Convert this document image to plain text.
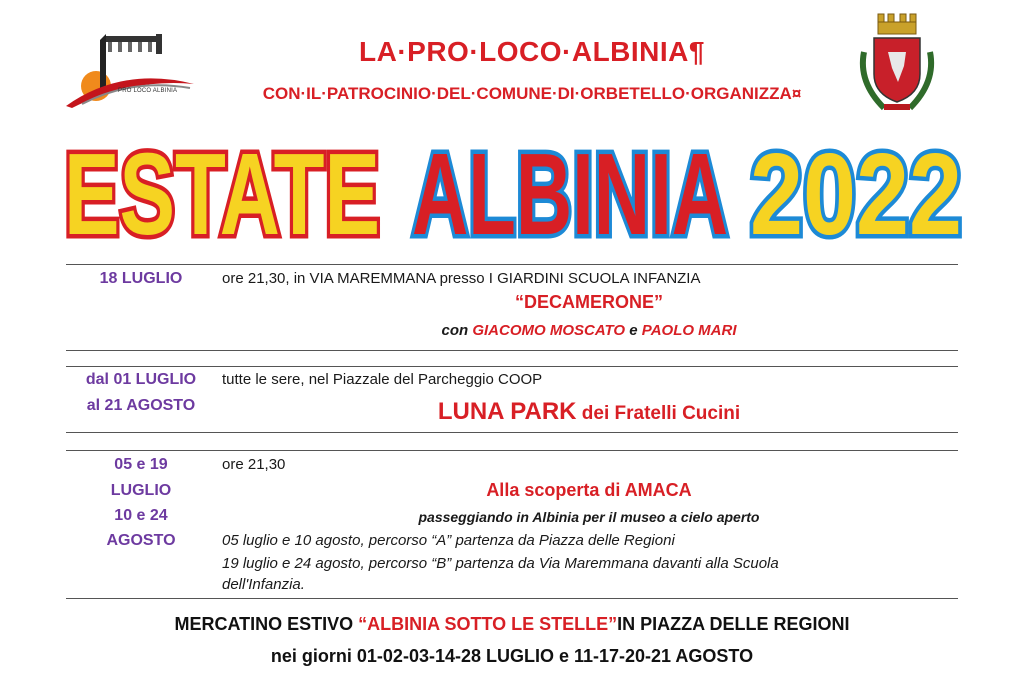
PRO LOCO ALBINIA
LA·PRO·LOCO·ALBINIA¶
CON·IL·PATROCINIO·DEL·COMUNE·DI·ORBETELLO·ORGANIZZA¤
ESTATE ALBINIA 2022
18 LUGLIO	ore 21,30, in VIA MAREMMANA presso I GIARDINI SCUOLA INFANZIA
“DECAMERONE”
con GIACOMO MOSCATO e PAOLO MARI
dal 01 LUGLIO
al 21 AGOSTO
tutte le sere, nel Piazzale del Parcheggio COOP
LUNA PARK dei Fratelli Cucini
05 e 19
LUGLIO
10 e 24
AGOSTO
ore 21,30
Alla scoperta di AMACA
passeggiando in Albinia per il museo a cielo aperto
05 luglio e 10 agosto, percorso “A” partenza da Piazza delle Regioni
19 luglio e 24 agosto, percorso “B” partenza da Via Maremmana davanti alla Scuola
dell'Infanzia.
MERCATINO ESTIVO “ALBINIA SOTTO LE STELLE”IN PIAZZA DELLE REGIONI
nei giorni 01-02-03-14-28 LUGLIO e 11-17-20-21 AGOSTO
